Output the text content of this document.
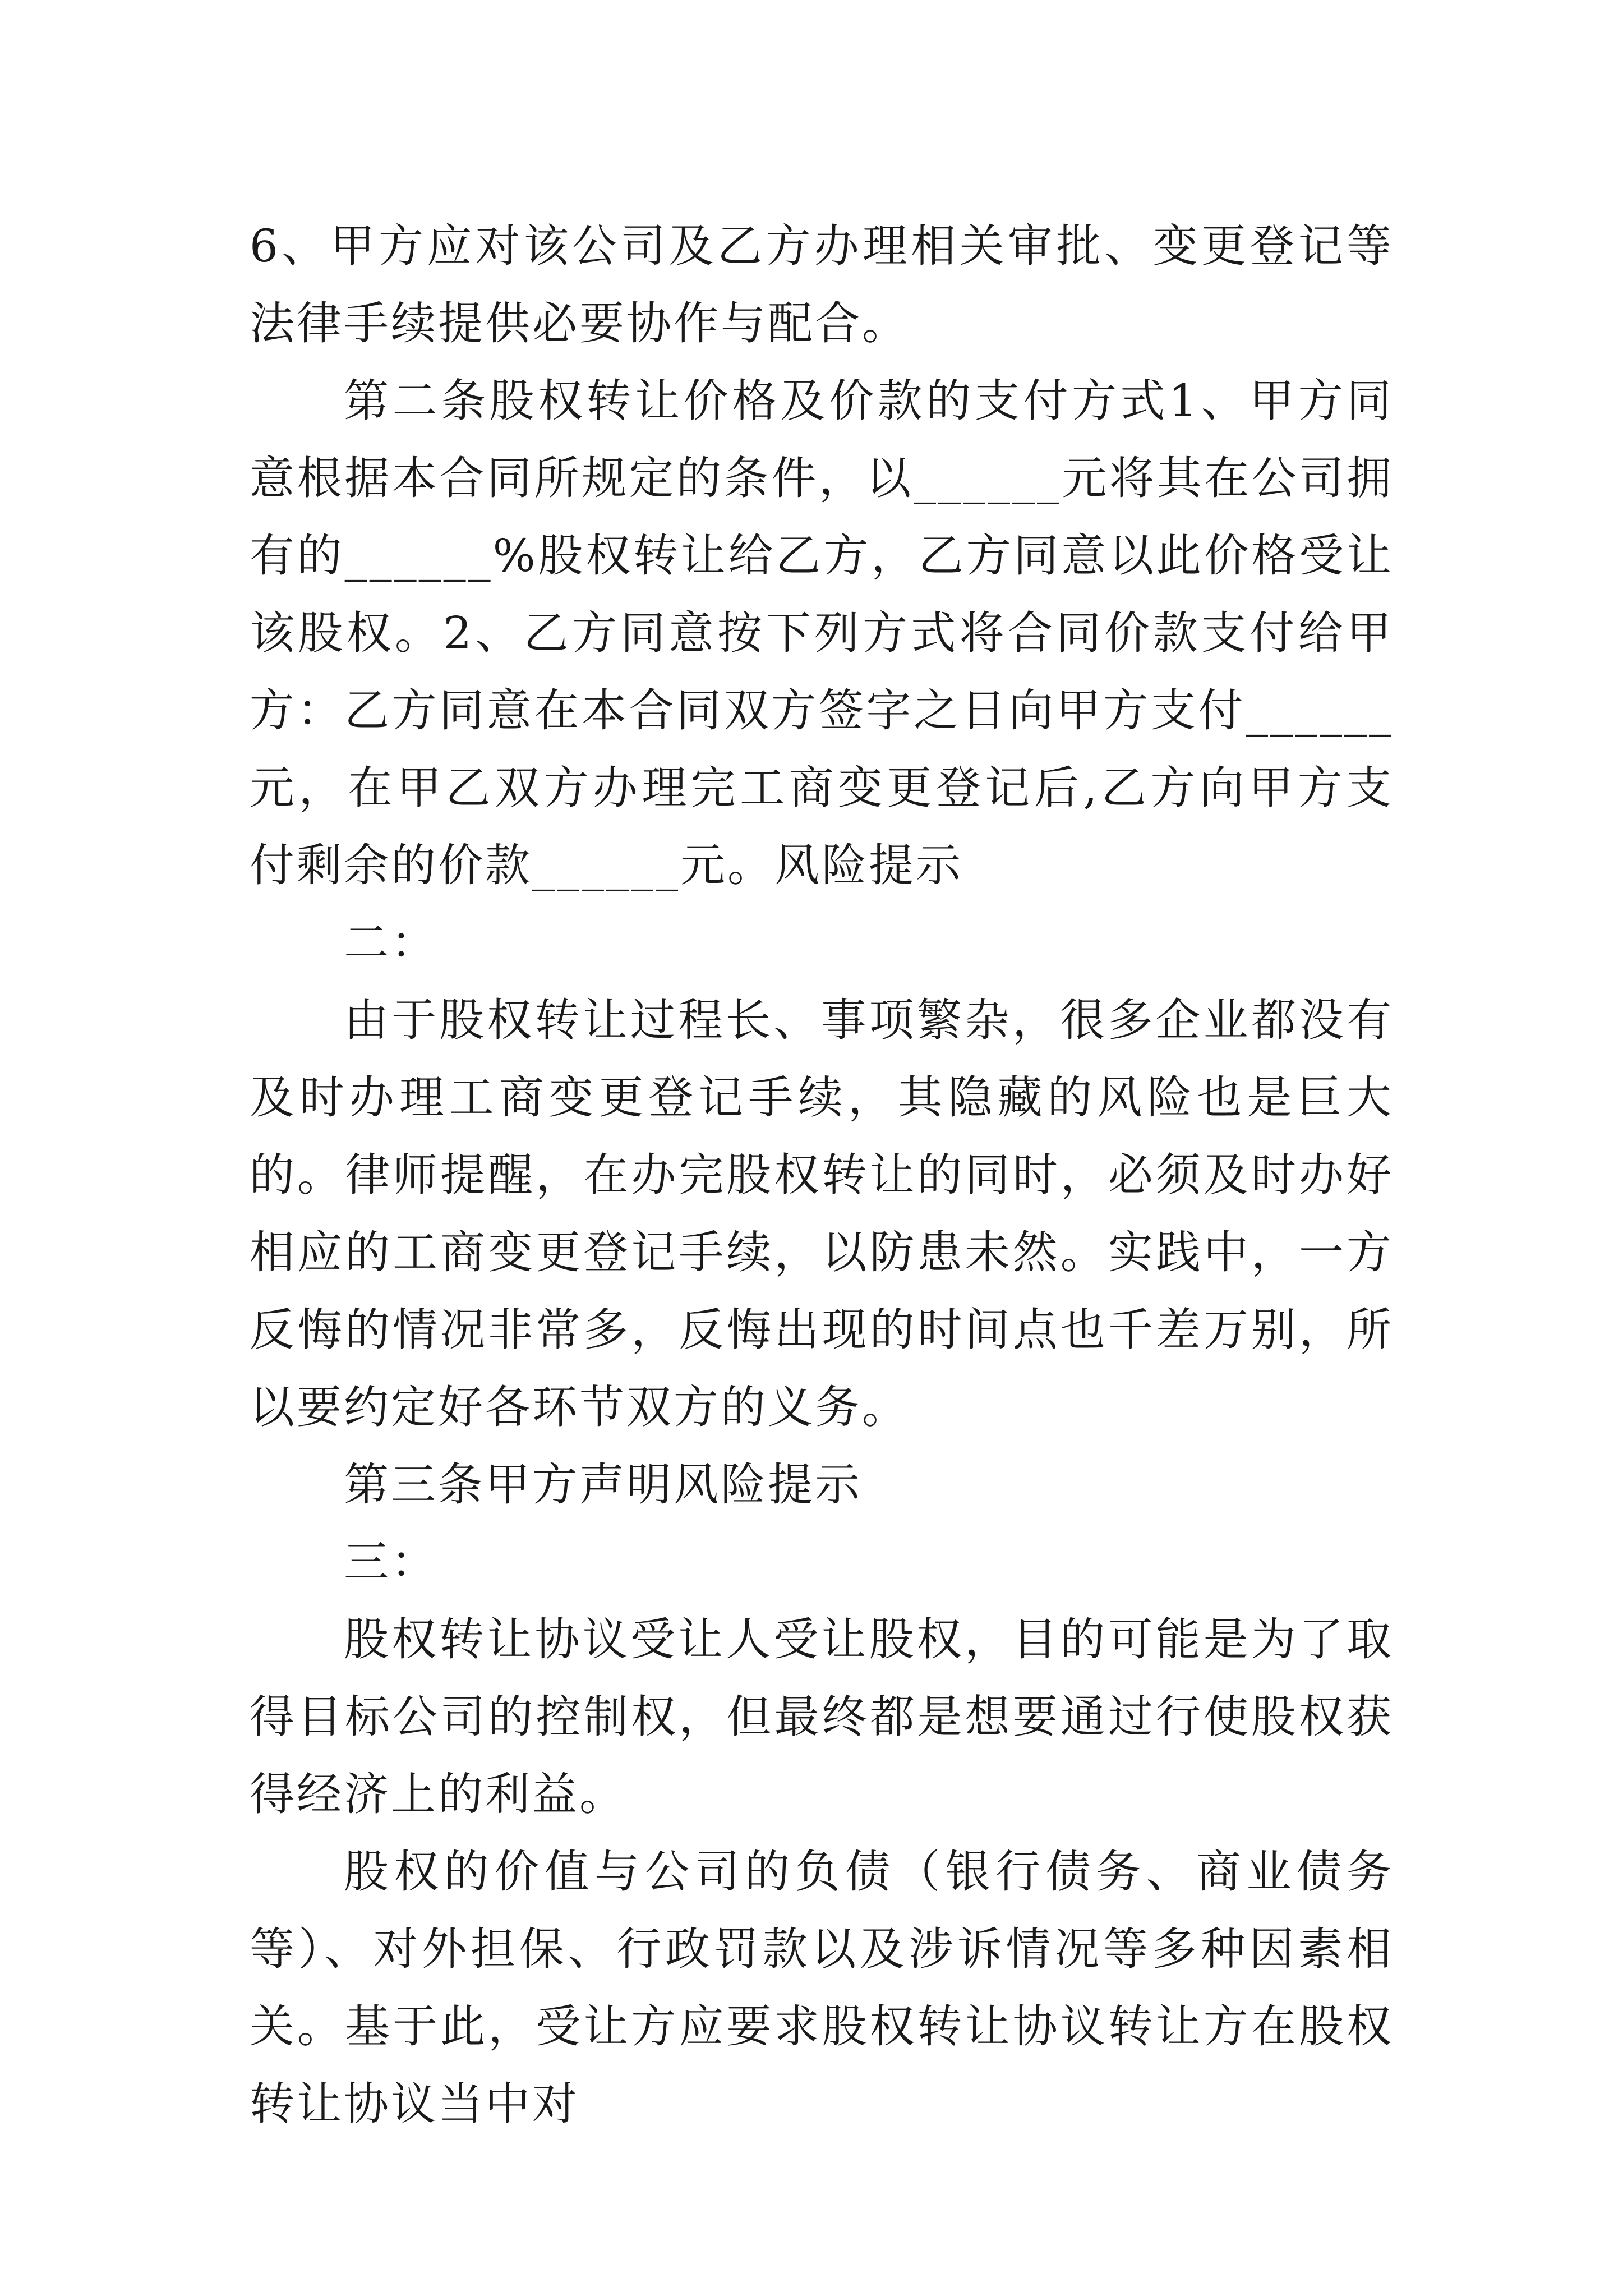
6、甲方应对该公司及乙方办理相关审批、变更登记等法律手续提供必要协作与配合。

第二条股权转让价格及价款的支付方式1、甲方同意根据本合同所规定的条件，以______元将其在公司拥有的______%股权转让给乙方，乙方同意以此价格受让该股权。2、乙方同意按下列方式将合同价款支付给甲方：乙方同意在本合同双方签字之日向甲方支付______元，在甲乙双方办理完工商变更登记后,乙方向甲方支付剩余的价款______元。风险提示

二：

由于股权转让过程长、事项繁杂，很多企业都没有及时办理工商变更登记手续，其隐藏的风险也是巨大的。律师提醒，在办完股权转让的同时，必须及时办好相应的工商变更登记手续，以防患未然。实践中，一方反悔的情况非常多，反悔出现的时间点也千差万别，所以要约定好各环节双方的义务。

第三条甲方声明风险提示

三：

股权转让协议受让人受让股权，目的可能是为了取得目标公司的控制权，但最终都是想要通过行使股权获得经济上的利益。

股权的价值与公司的负债（银行债务、商业债务等）、对外担保、行政罚款以及涉诉情况等多种因素相关。基于此，受让方应要求股权转让协议转让方在股权转让协议当中对
